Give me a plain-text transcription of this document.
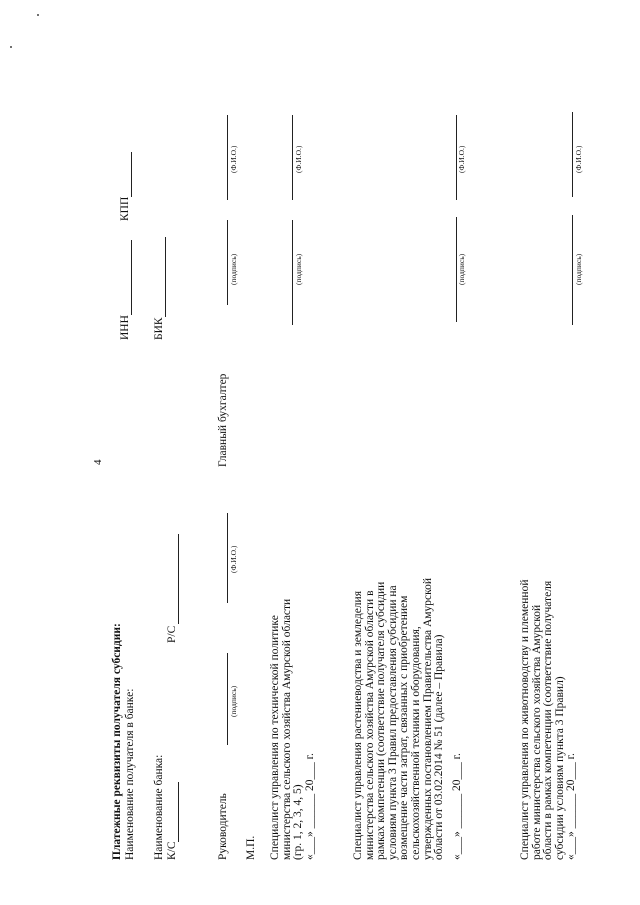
4
Платежные реквизиты получателя субсидии: Наименование получателя в банке: Наименование банка: К/С
Р/С
ИНН
КПП
БИК
Руководитель
(подпись)
(Ф.И.О.)
Главный бухгалтер
(подпись)
(Ф.И.О.)
М.П. Специалист управления по технической политике министерства сельского хозяйства Амурской области (гр. 1, 2, 3, 4, 5) «___» ______ 20___ г.
(подпись)
(Ф.И.О.)
Специалист управления растениеводства и земледелия министерства сельского хозяйства Амурской области в рамках компетенции (соответствие получателя субсидии условиям пункта 3 Правил предоставления субсидии на возмещение части затрат, связанных с приобретением сельскохозяйственной техники и оборудования, утвержденных постановлением Правительства Амурской области от 03.02.2014 № 51 (далее – Правила) «___» ______ 20___ г.
(подпись)
(Ф.И.О.)
Специалист управления по животноводству и племенной работе министерства сельского хозяйства Амурской области в рамках компетенции (соответствие получателя субсидии условиям пункта 3 Правил) «___» ______ 20___ г.
(подпись)
(Ф.И.О.)
